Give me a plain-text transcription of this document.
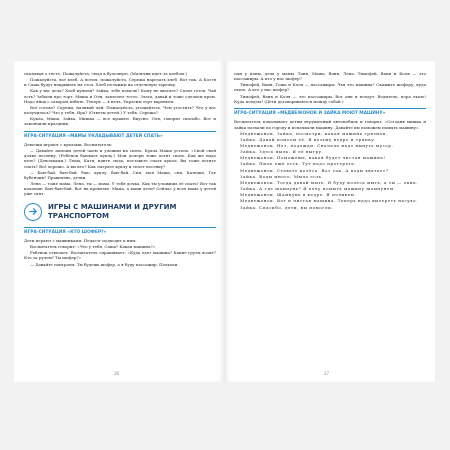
сказывая о тесте. Пожалуйста, сюда в булочную. (Мальчик идет за хлебом.)

Пожалуйста, вот хлеб. А потом, пожалуйста, Сережа нарезать хлеб. Вот так. А Костя и Саша будут накрывать на стол. Хлеб положим на отдельную тарелку.

Как у вас дела? Хлеб купили? Зайка, тебе помочь? Кому не хватает? Салат готов. Чай есть? Забыли про торт. Миша и Оля, замесите тесто. Злата, давай и тоже сделаем крем. Надо яйца с сахаром взбить. Теперь — в печь. Украсим торт вареньем.

Всё готово? Сережа, наливай чай. Пожалуйста, угощайтесь. Чем угостить? Что у вас получилось? Что у тебя, Ира? (Ответы детей.) У тебя, Сережа?

Кукла, Маша, Зайка, Мишка — все кушают. Вкусно. Оля, говорит спасибо. Вот и закончили праздник.

ИГРА-СИТУАЦИЯ «МАМЫ УКЛАДЫВАЮТ ДЕТЕЙ СПАТЬ»

Девочки играют с куклами. Воспитатель:

— Давайте напоим детей чаем и уложим их спать. Кукла Маша устала. «Спой свой дочке песенку. (Ребенок баюкает куклу.) Мои дочери тоже хотят спать. Как же надо петь? (Девочками.) Леша, Катя, идите сюда, поставьте спать кукол. Вы тоже хотите спать? Всё хорошо. А вы кто? Как сыграет куклу и споет песенку?

— Баю-бай, баю-бай, баю, куклу, баю-бай. Спи, моя Маша, спи, Катюша. Где бубенчик? Правильно, детки.

Лена — тоже мама. Лена, ты — мама. У тебя дочка. Как ты уложишь её спать? Вот так качаешь: баю-баю-бай. Вот на кроватке. Мама, а ваши дети? Сейчас у всех мама у детей уже спят.

ИГРЫ С МАШИНАМИ И ДРУГИМ ТРАНСПОРТОМ
ИГРА-СИТУАЦИЯ «КТО ШОФЕР?»

Дети играют с машинками. Педагог подходит к ним.

Воспитатель говорит: «Что у тебя, Саша? Какая машина?»

Ребенок отвечает. Воспитатель спрашивает: «Куда едет машина? Какие грузы возит? Кто за рулем? Ты шофер?»

— Давайте поиграем. Ты будешь шофер, а я буду пассажир. Поехали.

26

сын у папы, дочь у мамы. Таня, Маша, Ваня, Лена. Тимофей, Ваня и Коля — это пассажиры. А кто у нас шофер?

Тимофей, Ваня, Гоша и Коля — пассажиры. Чья это машина? Скажите шоферу, куда ехать. А кто у нас шофер?

Тимофей, Ваня и Коля — это пассажиры. Вот они и поедут. Водитель, пора ехать! Куда поедем? (Дети договариваются между собой.)

ИГРА-СИТУАЦИЯ «МЕДВЕЖОНОК И ЗАЙКА МОЮТ МАШИНУ»

Воспитатель показывает детям игрушечный автомобиль и говорит: «Сегодня мишка и зайка поехали по городу и испачкали машину. Давайте им поможем помыть машину».

Медвежонок. Зайка, посмотри, какая машина грязная.

Зайка. Давай помоем её. Я возьму ведро и тряпку.

Медвежонок. Нет, подожди. Сначала надо вынуть мусор.

Зайка. Здесь пыль. Я её вытру.

Медвежонок. Поможешь, какая будет чистая машина!

Зайка. Пыль ещё есть. Тут надо протереть.

Медвежонок. Ставьте колёса. Вот так. А воды хватает?

Зайка. Воды много. Мыло есть.

Медвежонок. Тогда давай мыть. Я буду колёса мыть, а ты — окна.

Зайка. А где шампунь? Я хочу помыть машину шампунем.

Медвежонок. Шампунь в ведре. Я поливаю.

Медвежонок. Вот и чистая машина. Теперь надо вытереть насухо.

Зайка. Спасибо, дети, вы помогли.

27
